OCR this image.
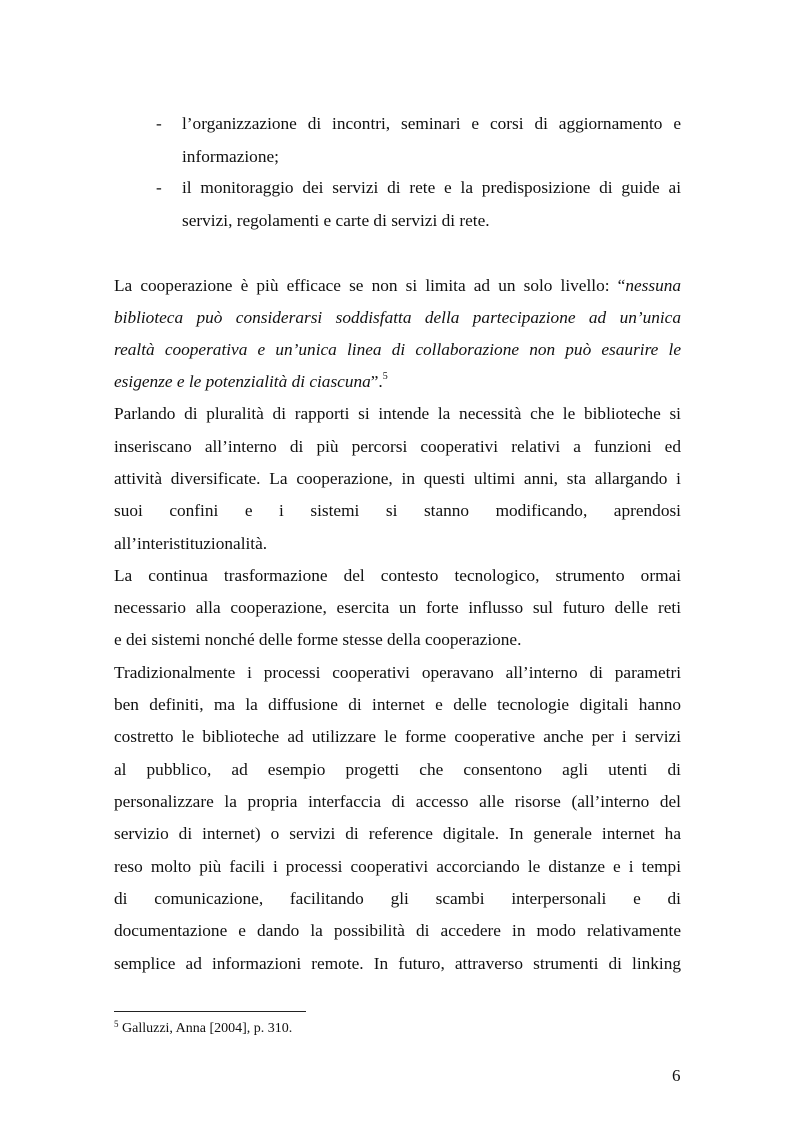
- l’organizzazione di incontri, seminari e corsi di aggiornamento e
informazione;
- il monitoraggio dei servizi di rete e la predisposizione di guide ai
servizi, regolamenti e carte di servizi di rete.
La cooperazione è più efficace se non si limita ad un solo livello: “nessuna
biblioteca può considerarsi soddisfatta della partecipazione ad un’unica
realtà cooperativa e un’unica linea di collaborazione non può esaurire le
esigenze e le potenzialità di ciascuna”.$^5$
Parlando di pluralità di rapporti si intende la necessità che le biblioteche si
inseriscano all’interno di più percorsi cooperativi relativi a funzioni ed
attività diversificate. La cooperazione, in questi ultimi anni, sta allargando i
suoi confini e i sistemi si stanno modificando, aprendosi
all’interistituzionalità.
La continua trasformazione del contesto tecnologico, strumento ormai
necessario alla cooperazione, esercita un forte influsso sul futuro delle reti
e dei sistemi nonché delle forme stesse della cooperazione.
Tradizionalmente i processi cooperativi operavano all’interno di parametri
ben definiti, ma la diffusione di internet e delle tecnologie digitali hanno
costretto le biblioteche ad utilizzare le forme cooperative anche per i servizi
al pubblico, ad esempio progetti che consentono agli utenti di
personalizzare la propria interfaccia di accesso alle risorse (all’interno del
servizio di internet) o servizi di reference digitale. In generale internet ha
reso molto più facili i processi cooperativi accorciando le distanze e i tempi
di comunicazione, facilitando gli scambi interpersonali e di
documentazione e dando la possibilità di accedere in modo relativamente
semplice ad informazioni remote. In futuro, attraverso strumenti di linking
$^5$ Galluzzi, Anna [2004], p. 310.
6
